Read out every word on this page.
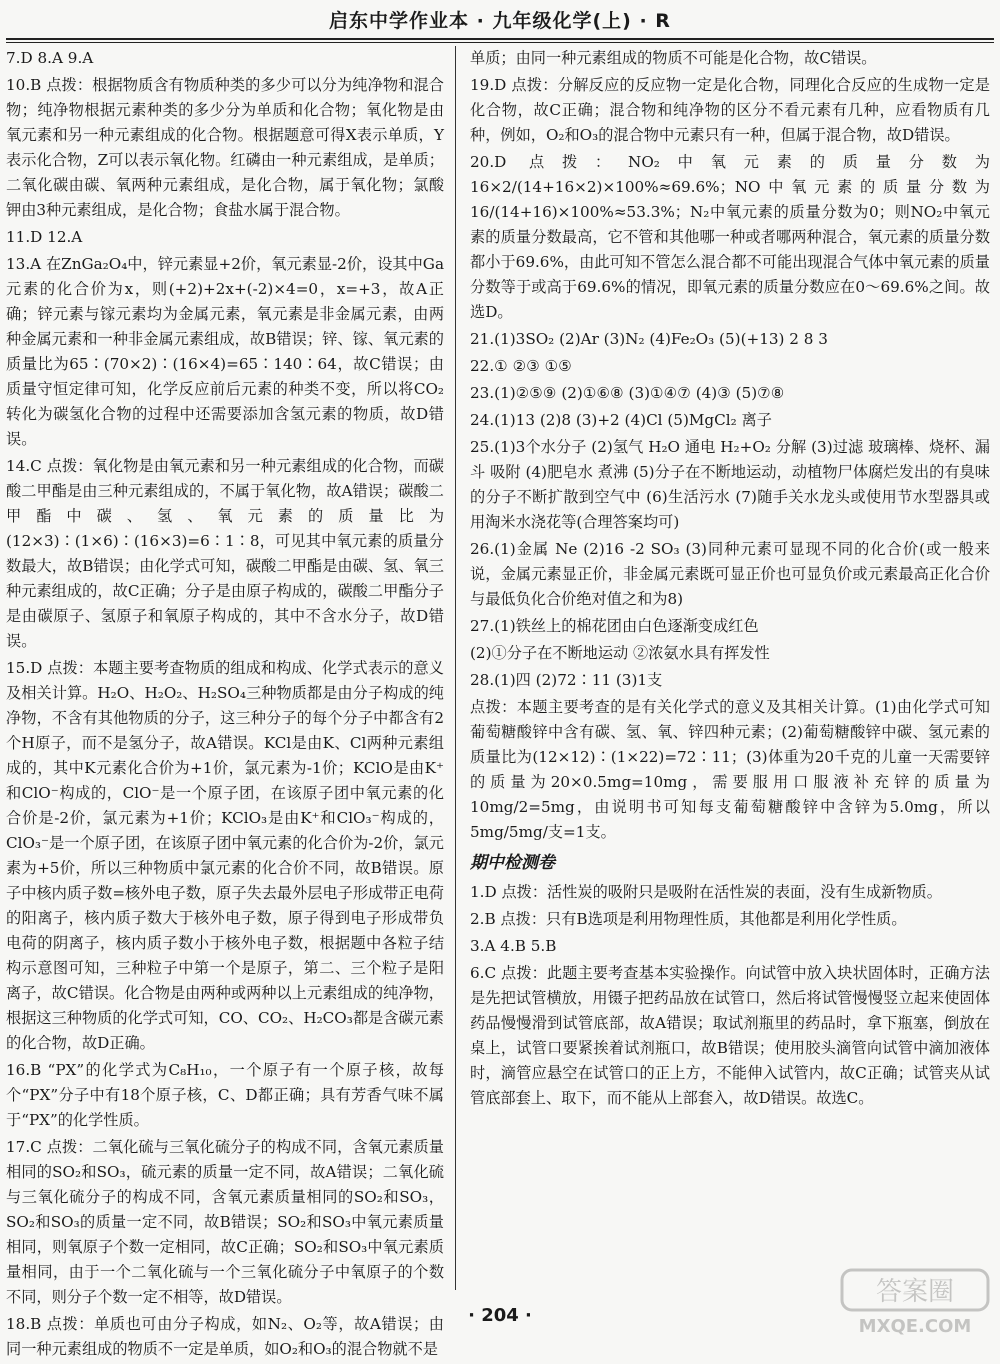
启东中学作业本 · 九年级化学(上) · R
7.D 8.A 9.A
10.B 点拨：根据物质含有物质种类的多少可以分为纯净物和混合物；纯净物根据元素种类的多少分为单质和化合物；氧化物是由氧元素和另一种元素组成的化合物。根据题意可得X表示单质，Y表示化合物，Z可以表示氧化物。红磷由一种元素组成，是单质；二氧化碳由碳、氧两种元素组成，是化合物，属于氧化物；氯酸钾由3种元素组成，是化合物；食盐水属于混合物。
11.D 12.A
13.A 在ZnGa₂O₄中，锌元素显+2价，氧元素显-2价，设其中Ga元素的化合价为x，则(+2)+2x+(-2)×4=0，x=+3，故A正确；锌元素与镓元素均为金属元素，氧元素是非金属元素，由两种金属元素和一种非金属元素组成，故B错误；锌、镓、氧元素的质量比为65∶(70×2)∶(16×4)=65∶140∶64，故C错误；由质量守恒定律可知，化学反应前后元素的种类不变，所以将CO₂转化为碳氢化合物的过程中还需要添加含氢元素的物质，故D错误。
14.C 点拨：氧化物是由氧元素和另一种元素组成的化合物，而碳酸二甲酯是由三种元素组成的，不属于氧化物，故A错误；碳酸二甲酯中碳、氢、氧元素的质量比为(12×3)∶(1×6)∶(16×3)=6∶1∶8，可见其中氧元素的质量分数最大，故B错误；由化学式可知，碳酸二甲酯是由碳、氢、氧三种元素组成的，故C正确；分子是由原子构成的，碳酸二甲酯分子是由碳原子、氢原子和氧原子构成的，其中不含水分子，故D错误。
15.D 点拨：本题主要考查物质的组成和构成、化学式表示的意义及相关计算。H₂O、H₂O₂、H₂SO₄三种物质都是由分子构成的纯净物，不含有其他物质的分子，这三种分子的每个分子中都含有2个H原子，而不是氢分子，故A错误。KCl是由K、Cl两种元素组成的，其中K元素化合价为+1价，氯元素为-1价；KClO是由K⁺和ClO⁻构成的，ClO⁻是一个原子团，在该原子团中氧元素的化合价是-2价，氯元素为+1价；KClO₃是由K⁺和ClO₃⁻构成的，ClO₃⁻是一个原子团，在该原子团中氧元素的化合价为-2价，氯元素为+5价，所以三种物质中氯元素的化合价不同，故B错误。原子中核内质子数=核外电子数，原子失去最外层电子形成带正电荷的阳离子，核内质子数大于核外电子数，原子得到电子形成带负电荷的阴离子，核内质子数小于核外电子数，根据题中各粒子结构示意图可知，三种粒子中第一个是原子，第二、三个粒子是阳离子，故C错误。化合物是由两种或两种以上元素组成的纯净物，根据这三种物质的化学式可知，CO、CO₂、H₂CO₃都是含碳元素的化合物，故D正确。
16.B “PX”的化学式为C₈H₁₀，一个原子有一个原子核，故每个“PX”分子中有18个原子核，C、D都正确；具有芳香气味不属于“PX”的化学性质。
17.C 点拨：二氧化硫与三氧化硫分子的构成不同，含氧元素质量相同的SO₂和SO₃，硫元素的质量一定不同，故A错误；二氧化硫与三氧化硫分子的构成不同，含氧元素质量相同的SO₂和SO₃，SO₂和SO₃的质量一定不同，故B错误；SO₂和SO₃中氧元素质量相同，则氧原子个数一定相同，故C正确；SO₂和SO₃中氧元素质量相同，由于一个二氧化硫与一个三氧化硫分子中氧原子的个数不同，则分子个数一定不相等，故D错误。
18.B 点拨：单质也可由分子构成，如N₂、O₂等，故A错误；由同一种元素组成的物质不一定是单质，如O₂和O₃的混合物就不是
单质；由同一种元素组成的物质不可能是化合物，故C错误。
19.D 点拨：分解反应的反应物一定是化合物，同理化合反应的生成物一定是化合物，故C正确；混合物和纯净物的区分不看元素有几种，应看物质有几种，例如，O₂和O₃的混合物中元素只有一种，但属于混合物，故D错误。
20.D 点拨：NO₂中氧元素的质量分数为16×2/(14+16×2)×100%≈69.6%；NO中氧元素的质量分数为16/(14+16)×100%≈53.3%；N₂中氧元素的质量分数为0；则NO₂中氧元素的质量分数最高，它不管和其他哪一种或者哪两种混合，氧元素的质量分数都小于69.6%，由此可知不管怎么混合都不可能出现混合气体中氧元素的质量分数等于或高于69.6%的情况，即氧元素的质量分数应在0～69.6%之间。故选D。
21.(1)3SO₂ (2)Ar (3)N₂ (4)Fe₂O₃ (5)(+13) 2 8 3
22.① ②③ ①⑤
23.(1)②⑤⑨ (2)①⑥⑧ (3)①④⑦ (4)③ (5)⑦⑧
24.(1)13 (2)8 (3)+2 (4)Cl (5)MgCl₂ 离子
25.(1)3个水分子 (2)氢气 H₂O 通电 H₂+O₂ 分解 (3)过滤 玻璃棒、烧杯、漏斗 吸附 (4)肥皂水 煮沸 (5)分子在不断地运动，动植物尸体腐烂发出的有臭味的分子不断扩散到空气中 (6)生活污水 (7)随手关水龙头或使用节水型器具或用淘米水浇花等(合理答案均可)
26.(1)金属 Ne (2)16 -2 SO₃ (3)同种元素可显现不同的化合价(或一般来说，金属元素显正价，非金属元素既可显正价也可显负价或元素最高正化合价与最低负化合价绝对值之和为8)
27.(1)铁丝上的棉花团由白色逐渐变成红色
(2)①分子在不断地运动 ②浓氨水具有挥发性
28.(1)四 (2)72∶11 (3)1支
点拨：本题主要考查的是有关化学式的意义及其相关计算。(1)由化学式可知葡萄糖酸锌中含有碳、氢、氧、锌四种元素；(2)葡萄糖酸锌中碳、氢元素的质量比为(12×12)∶(1×22)=72∶11；(3)体重为20千克的儿童一天需要锌的质量为20×0.5mg=10mg，需要服用口服液补充锌的质量为10mg/2=5mg，由说明书可知每支葡萄糖酸锌中含锌为5.0mg，所以5mg/5mg/支=1支。
期中检测卷
1.D 点拨：活性炭的吸附只是吸附在活性炭的表面，没有生成新物质。
2.B 点拨：只有B选项是利用物理性质，其他都是利用化学性质。
3.A 4.B 5.B
6.C 点拨：此题主要考查基本实验操作。向试管中放入块状固体时，正确方法是先把试管横放，用镊子把药品放在试管口，然后将试管慢慢竖立起来使固体药品慢慢滑到试管底部，故A错误；取试剂瓶里的药品时，拿下瓶塞，倒放在桌上，试管口要紧挨着试剂瓶口，故B错误；使用胶头滴管向试管中滴加液体时，滴管应悬空在试管口的正上方，不能伸入试管内，故C正确；试管夹从试管底部套上、取下，而不能从上部套入，故D错误。故选C。
· 204 ·
答案圈
MXQE.COM
